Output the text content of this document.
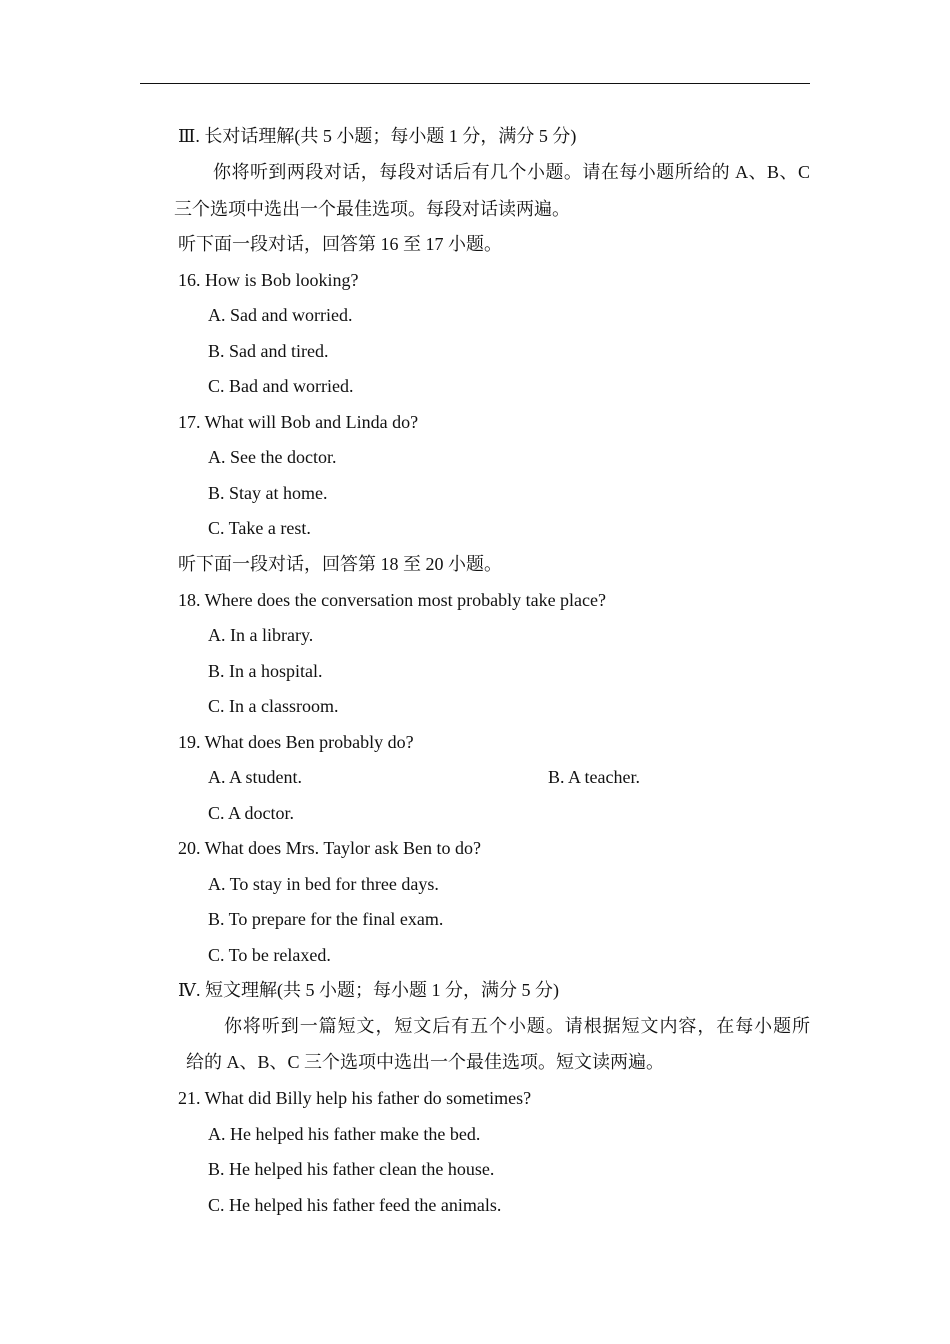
Ⅲ. 长对话理解(共 5 小题；每小题 1 分，满分 5 分)
你将听到两段对话，每段对话后有几个小题。请在每小题所给的 A、B、C
三个选项中选出一个最佳选项。每段对话读两遍。
听下面一段对话，回答第 16 至 17 小题。
16. How is Bob looking?
A. Sad and worried.
B. Sad and tired.
C. Bad and worried.
17. What will Bob and Linda do?
A. See the doctor.
B. Stay at home.
C. Take a rest.
听下面一段对话，回答第 18 至 20 小题。
18. Where does the conversation most probably take place?
A. In a library.
B. In a hospital.
C. In a classroom.
19. What does Ben probably do?
A. A student.	B. A teacher.
C. A doctor.
20. What does Mrs. Taylor ask Ben to do?
A. To stay in bed for three days.
B. To prepare for the final exam.
C. To be relaxed.
Ⅳ. 短文理解(共 5 小题；每小题 1 分，满分 5 分)
你将听到一篇短文，短文后有五个小题。请根据短文内容，在每小题所
给的 A、B、C 三个选项中选出一个最佳选项。短文读两遍。
21. What did Billy help his father do sometimes?
A. He helped his father make the bed.
B. He helped his father clean the house.
C. He helped his father feed the animals.
